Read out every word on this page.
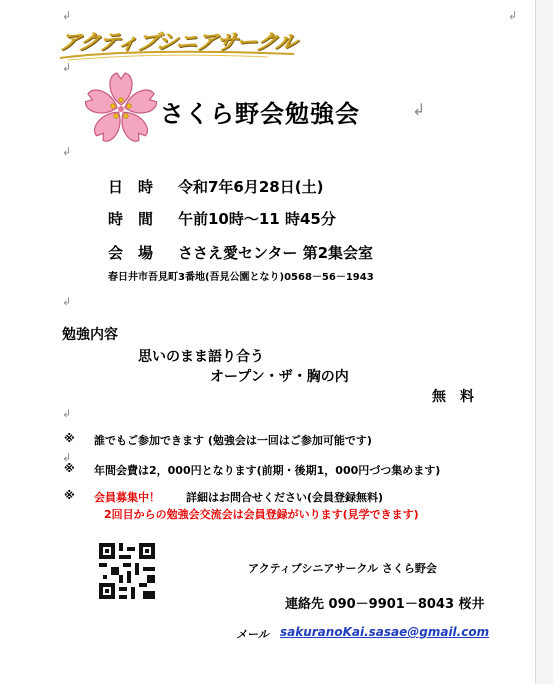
↲
↲
↲
↲
↲
↲
↲
↲
アクティブシニアサークル
さくら野会勉強会
日　時 令和7年6月28日(土)
時　間 午前10時～11 時45分
会　場 ささえ愛センター 第2集会室
春日井市吾見町3番地(吾見公園となり)0568－56－1943
勉強内容
思いのまま語り合う
オープン・ザ・胸の内
無　料
※ 誰でもご参加できます (勉強会は一回はご参加可能です)
※ 年間会費は2，000円となります(前期・後期1，000円づつ集めます)
※ 会員募集中！ 詳細はお問合せください(会員登録無料)
2回目からの勉強会交流会は会員登録がいります(見学できます)
アクティブシニアサークル さくら野会
連絡先 090－9901－8043 桜井
メール sakuranoKai.sasae@gmail.com
